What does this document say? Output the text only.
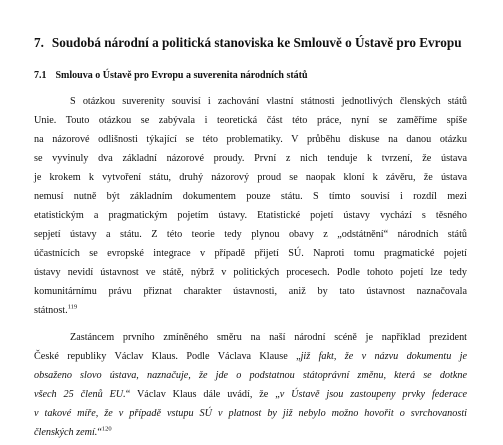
7. Soudobá národní a politická stanoviska ke Smlouvě o Ústavě pro Evropu
7.1 Smlouva o Ústavě pro Evropu a suverenita národních států
S otázkou suverenity souvisí i zachování vlastní státnosti jednotlivých členských států
Unie. Touto otázkou se zabývala i teoretická část této práce, nyní se zaměříme spíše
na názorové odlišnosti týkající se této problematiky. V průběhu diskuse na danou otázku
se vyvinuly dva základní názorové proudy. První z nich tenduje k tvrzení, že ústava
je krokem k vytvoření státu, druhý názorový proud se naopak kloní k závěru, že ústava
nemusí nutně být základním dokumentem pouze státu. S tímto souvisí i rozdíl mezi
etatistickým a pragmatickým pojetím ústavy. Etatistické pojetí ústavy vychází s těsného
sepjetí ústavy a státu. Z této teorie tedy plynou obavy z „odstátnění“ národních států
účastnících se evropské integrace v případě přijetí SÚ. Naproti tomu pragmatické pojetí
ústavy nevidí ústavnost ve státě, nýbrž v politických procesech. Podle tohoto pojetí lze tedy
komunitárnímu právu přiznat charakter ústavnosti, aniž by tato ústavnost naznačovala
státnost.$^{119}$
Zastáncem prvního zmíněného směru na naší národní scéně je například prezident
České republiky Václav Klaus. Podle Václava Klause „již fakt, že v názvu dokumentu je
obsaženo slovo ústava, naznačuje, že jde o podstatnou státoprávní změnu, která se dotkne
všech 25 členů EU.“ Václav Klaus dále uvádí, že „v Ústavě jsou zastoupeny prvky federace
v takové míře, že v případě vstupu SÚ v platnost by již nebylo možno hovořit o svrchovanosti
členských zemí.“$^{120}$
